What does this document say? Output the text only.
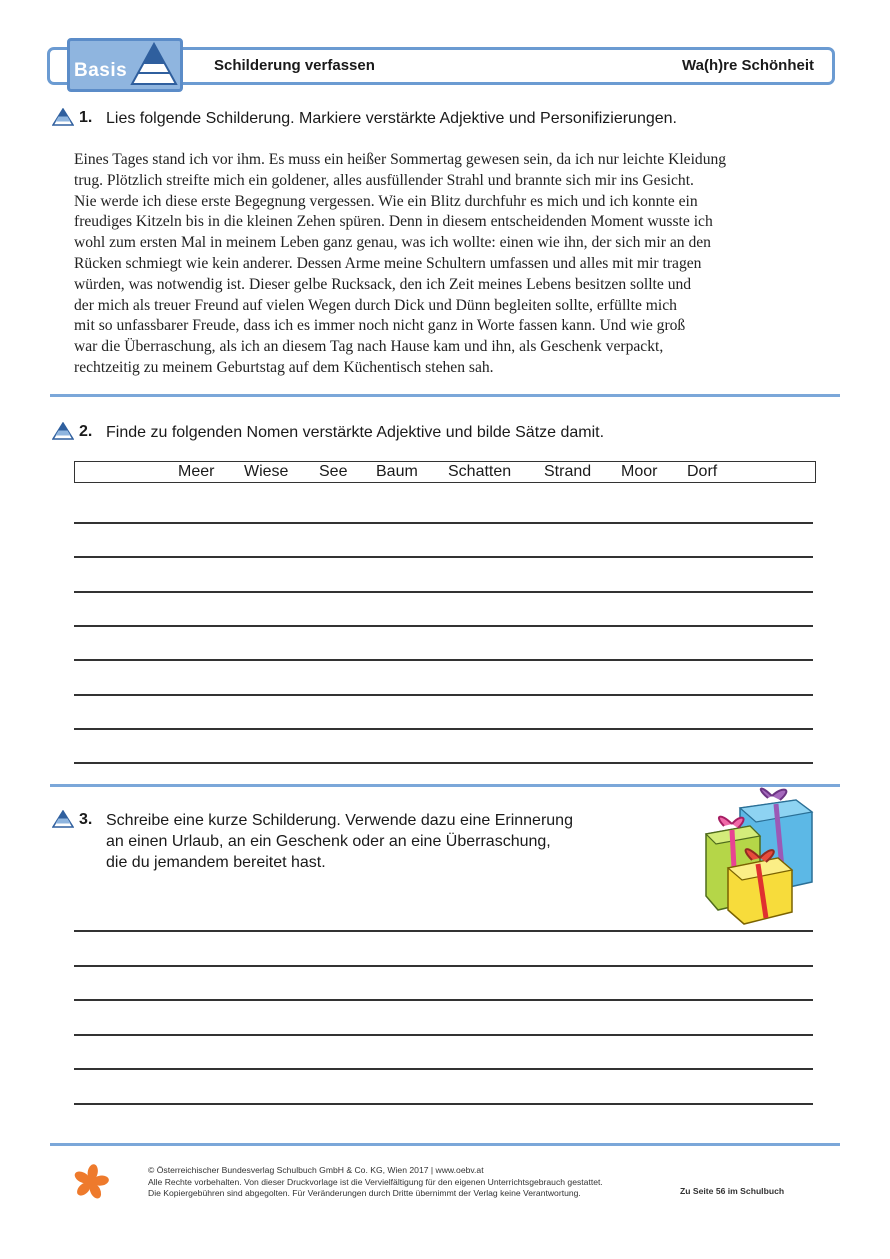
Basis	Schilderung verfassen	Wa(h)re Schönheit
1. Lies folgende Schilderung. Markiere verstärkte Adjektive und Personifizierungen.

Eines Tages stand ich vor ihm. Es muss ein heißer Sommertag gewesen sein, da ich nur leichte Kleidung

trug. Plötzlich streifte mich ein goldener, alles ausfüllender Strahl und brannte sich mir ins Gesicht.

Nie werde ich diese erste Begegnung vergessen. Wie ein Blitz durchfuhr es mich und ich konnte ein

freudiges Kitzeln bis in die kleinen Zehen spüren. Denn in diesem entscheidenden Moment wusste ich

wohl zum ersten Mal in meinem Leben ganz genau, was ich wollte: einen wie ihn, der sich mir an den

Rücken schmiegt wie kein anderer. Dessen Arme meine Schultern umfassen und alles mit mir tragen

würden, was notwendig ist. Dieser gelbe Rucksack, den ich Zeit meines Lebens besitzen sollte und

der mich als treuer Freund auf vielen Wegen durch Dick und Dünn begleiten sollte, erfüllte mich

mit so unfassbarer Freude, dass ich es immer noch nicht ganz in Worte fassen kann. Und wie groß

war die Überraschung, als ich an diesem Tag nach Hause kam und ihn, als Geschenk verpackt,

rechtzeitig zu meinem Geburtstag auf dem Küchentisch stehen sah.

2. Finde zu folgenden Nomen verstärkte Adjektive und bilde Sätze damit.
Meer Wiese See Baum Schatten Strand Moor Dorf
3. Schreibe eine kurze Schilderung. Verwende dazu eine Erinnerung
an einen Urlaub, an ein Geschenk oder an eine Überraschung,
die du jemandem bereitet hast.
© Österreichischer Bundesverlag Schulbuch GmbH & Co. KG, Wien 2017 | www.oebv.at
Alle Rechte vorbehalten. Von dieser Druckvorlage ist die Vervielfältigung für den eigenen Unterrichtsgebrauch gestattet.
Die Kopiergebühren sind abgegolten. Für Veränderungen durch Dritte übernimmt der Verlag keine Verantwortung.	Zu Seite 56 im Schulbuch
